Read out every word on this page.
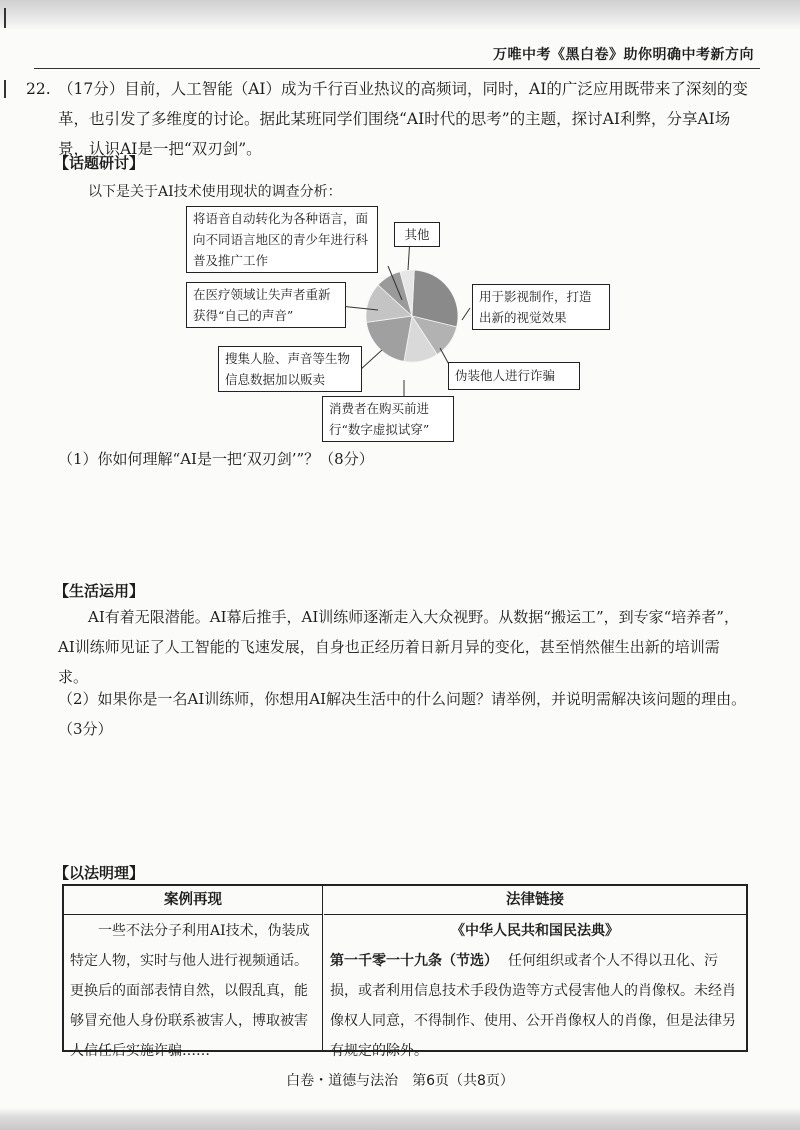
万唯中考《黑白卷》助你明确中考新方向
22. （17分）目前，人工智能（AI）成为千行百业热议的高频词，同时，AI的广泛应用既带来了深刻的变革，也引发了多维度的讨论。据此某班同学们围绕“AI时代的思考”的主题，探讨AI利弊，分享AI场景，认识AI是一把“双刃剑”。
【话题研讨】
以下是关于AI技术使用现状的调查分析：
将语音自动转化为各种语言，面向不同语言地区的青少年进行科普及推广工作
其他
在医疗领域让失声者重新获得“自己的声音”
用于影视制作，打造出新的视觉效果
搜集人脸、声音等生物信息数据加以贩卖	伪装他人进行诈骗
消费者在购买前进行“数字虚拟试穿”
（1）你如何理解“AI是一把‘双刃剑’”？（8分）
【生活运用】
AI有着无限潜能。AI幕后推手，AI训练师逐渐走入大众视野。从数据“搬运工”，到专家“培养者”，AI训练师见证了人工智能的飞速发展，自身也正经历着日新月异的变化，甚至悄然催生出新的培训需求。
（2）如果你是一名AI训练师，你想用AI解决生活中的什么问题？请举例，并说明需解决该问题的理由。（3分）
【以法明理】
案例再现
一些不法分子利用AI技术，伪装成特定人物，实时与他人进行视频通话。更换后的面部表情自然，以假乱真，能够冒充他人身份联系被害人，博取被害人信任后实施诈骗……
法律链接
《中华人民共和国民法典》
第一千零一十九条（节选） 任何组织或者个人不得以丑化、污损，或者利用信息技术手段伪造等方式侵害他人的肖像权。未经肖像权人同意，不得制作、使用、公开肖像权人的肖像，但是法律另有规定的除外。
白卷・道德与法治　第6页（共8页）
